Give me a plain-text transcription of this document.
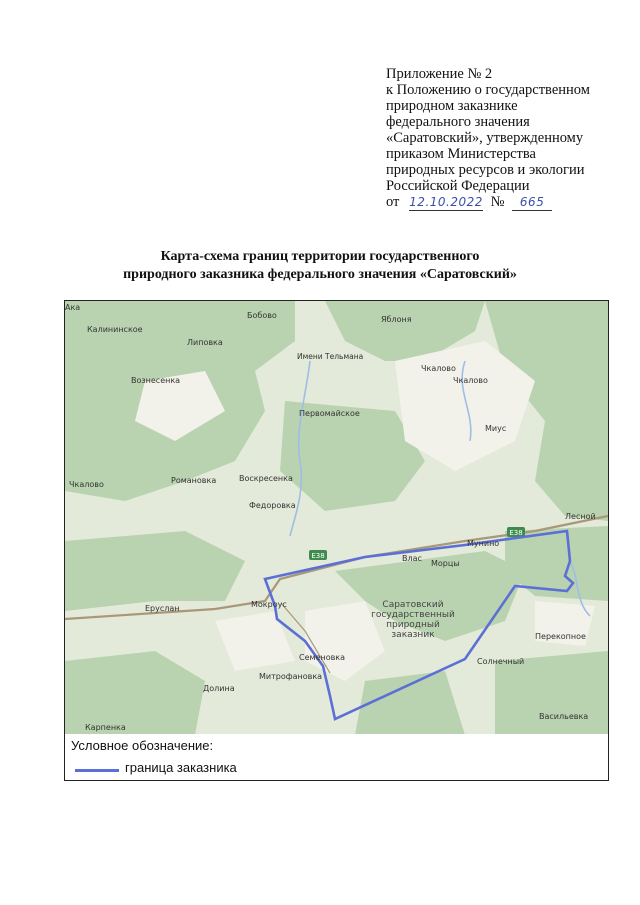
Приложение № 2
к Положению о государственном
природном заказнике
федерального значения
«Саратовский», утвержденному
приказом Министерства
природных ресурсов и экологии
Российской Федерации
от 12.10.2022 № 665
Карта-схема границ территории государственного
природного заказника федерального значения «Саратовский»
Е38
Е38
Ака
Калининское
Бобово	Яблоня
Липовка
Имени Тельмана
Чкалово
Вознесенка	Чкалово
Первомайское
Миус
Чкалово	Романовка	Воскресенка
Федоровка
Лесной
Мунино
Влас
Морцы
Еруслан	Мокроус
Перекопное
Семеновка	Солнечный
Митрофановка
Долина
Карпенка
Васильевка
Саратовский государственный природный заказник
Условное обозначение:
граница заказника
